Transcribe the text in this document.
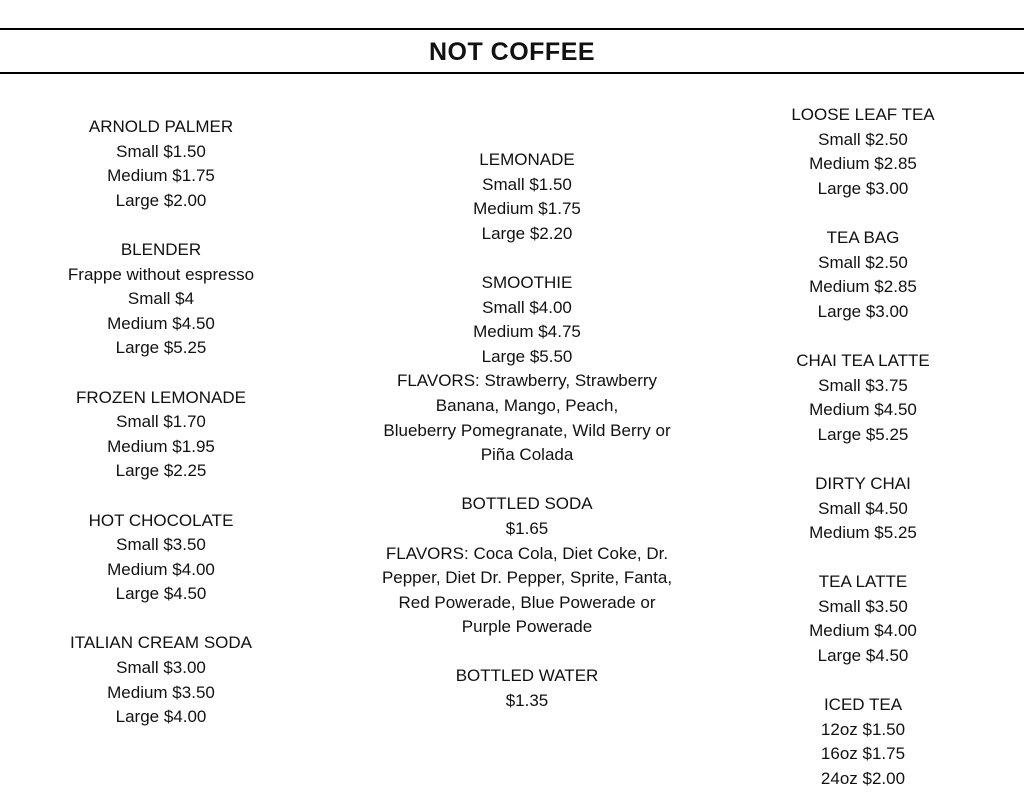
NOT COFFEE
ARNOLD PALMER
Small $1.50
Medium $1.75
Large $2.00
BLENDER
Frappe without espresso
Small $4
Medium $4.50
Large $5.25
FROZEN LEMONADE
Small $1.70
Medium $1.95
Large $2.25
HOT CHOCOLATE
Small $3.50
Medium $4.00
Large $4.50
ITALIAN CREAM SODA
Small $3.00
Medium $3.50
Large $4.00
LEMONADE
Small $1.50
Medium $1.75
Large $2.20
SMOOTHIE
Small $4.00
Medium $4.75
Large $5.50
FLAVORS: Strawberry, Strawberry
Banana, Mango, Peach,
Blueberry Pomegranate, Wild Berry or
Piña Colada
BOTTLED SODA
$1.65
FLAVORS: Coca Cola, Diet Coke, Dr.
Pepper, Diet Dr. Pepper, Sprite, Fanta,
Red Powerade, Blue Powerade or
Purple Powerade
BOTTLED WATER
$1.35
LOOSE LEAF TEA
Small $2.50
Medium $2.85
Large $3.00
TEA BAG
Small $2.50
Medium $2.85
Large $3.00
CHAI TEA LATTE
Small $3.75
Medium $4.50
Large $5.25
DIRTY CHAI
Small $4.50
Medium $5.25
TEA LATTE
Small $3.50
Medium $4.00
Large $4.50
ICED TEA
12oz $1.50
16oz $1.75
24oz $2.00
